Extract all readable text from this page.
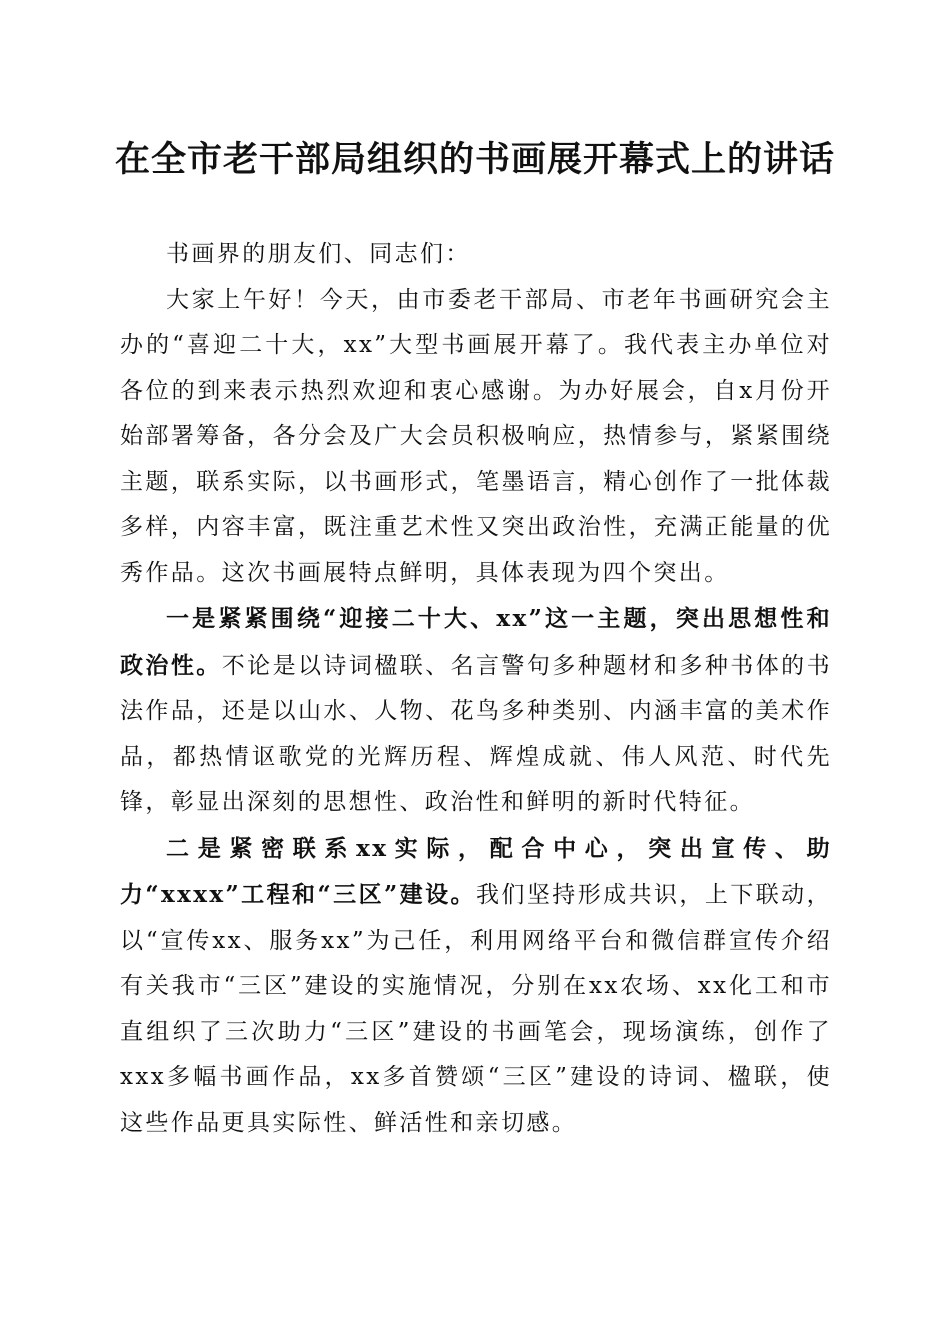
在全市老干部局组织的书画展开幕式上的讲话

书画界的朋友们、同志们：

大家上午好！今天，由市委老干部局、市老年书画研究会主办的“喜迎二十大，xx”大型书画展开幕了。我代表主办单位对各位的到来表示热烈欢迎和衷心感谢。为办好展会，自x月份开始部署筹备，各分会及广大会员积极响应，热情参与，紧紧围绕主题，联系实际，以书画形式，笔墨语言，精心创作了一批体裁多样，内容丰富，既注重艺术性又突出政治性，充满正能量的优秀作品。这次书画展特点鲜明，具体表现为四个突出。

一是紧紧围绕“迎接二十大、xx”这一主题，突出思想性和政治性。不论是以诗词楹联、名言警句多种题材和多种书体的书法作品，还是以山水、人物、花鸟多种类别、内涵丰富的美术作品，都热情讴歌党的光辉历程、辉煌成就、伟人风范、时代先锋，彰显出深刻的思想性、政治性和鲜明的新时代特征。

二是紧密联系xx实际，配合中心，突出宣传、助力“xxxx”工程和“三区”建设。我们坚持形成共识，上下联动，以“宣传xx、服务xx”为己任，利用网络平台和微信群宣传介绍有关我市“三区”建设的实施情况，分别在xx农场、xx化工和市直组织了三次助力“三区”建设的书画笔会，现场演练，创作了xxx多幅书画作品，xx多首赞颂“三区”建设的诗词、楹联，使这些作品更具实际性、鲜活性和亲切感。
